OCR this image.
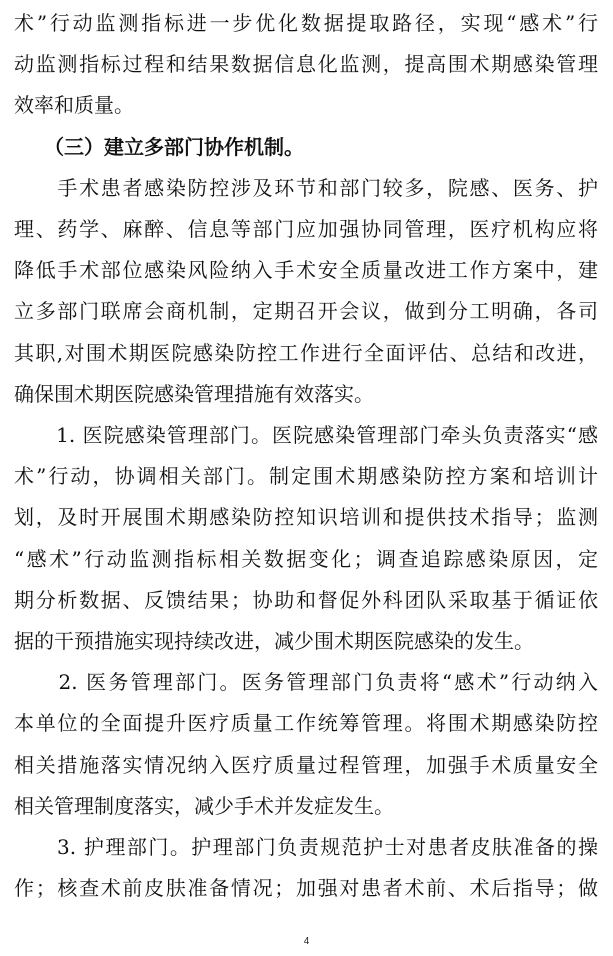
术”行动监测指标进一步优化数据提取路径，实现“感术”行
动监测指标过程和结果数据信息化监测，提高围术期感染管理
效率和质量。
　　（三）建立多部门协作机制。
　　手术患者感染防控涉及环节和部门较多，院感、医务、护
理、药学、麻醉、信息等部门应加强协同管理，医疗机构应将
降低手术部位感染风险纳入手术安全质量改进工作方案中，建
立多部门联席会商机制，定期召开会议，做到分工明确，各司
其职,对围术期医院感染防控工作进行全面评估、总结和改进，
确保围术期医院感染管理措施有效落实。
　　1. 医院感染管理部门。医院感染管理部门牵头负责落实“感
术”行动，协调相关部门。制定围术期感染防控方案和培训计
划，及时开展围术期感染防控知识培训和提供技术指导；监测
“感术”行动监测指标相关数据变化；调查追踪感染原因，定
期分析数据、反馈结果；协助和督促外科团队采取基于循证依
据的干预措施实现持续改进，减少围术期医院感染的发生。
　　2. 医务管理部门。医务管理部门负责将“感术”行动纳入
本单位的全面提升医疗质量工作统筹管理。将围术期感染防控
相关措施落实情况纳入医疗质量过程管理，加强手术质量安全
相关管理制度落实，减少手术并发症发生。
　　3. 护理部门。护理部门负责规范护士对患者皮肤准备的操
作；核查术前皮肤准备情况；加强对患者术前、术后指导；做
4
